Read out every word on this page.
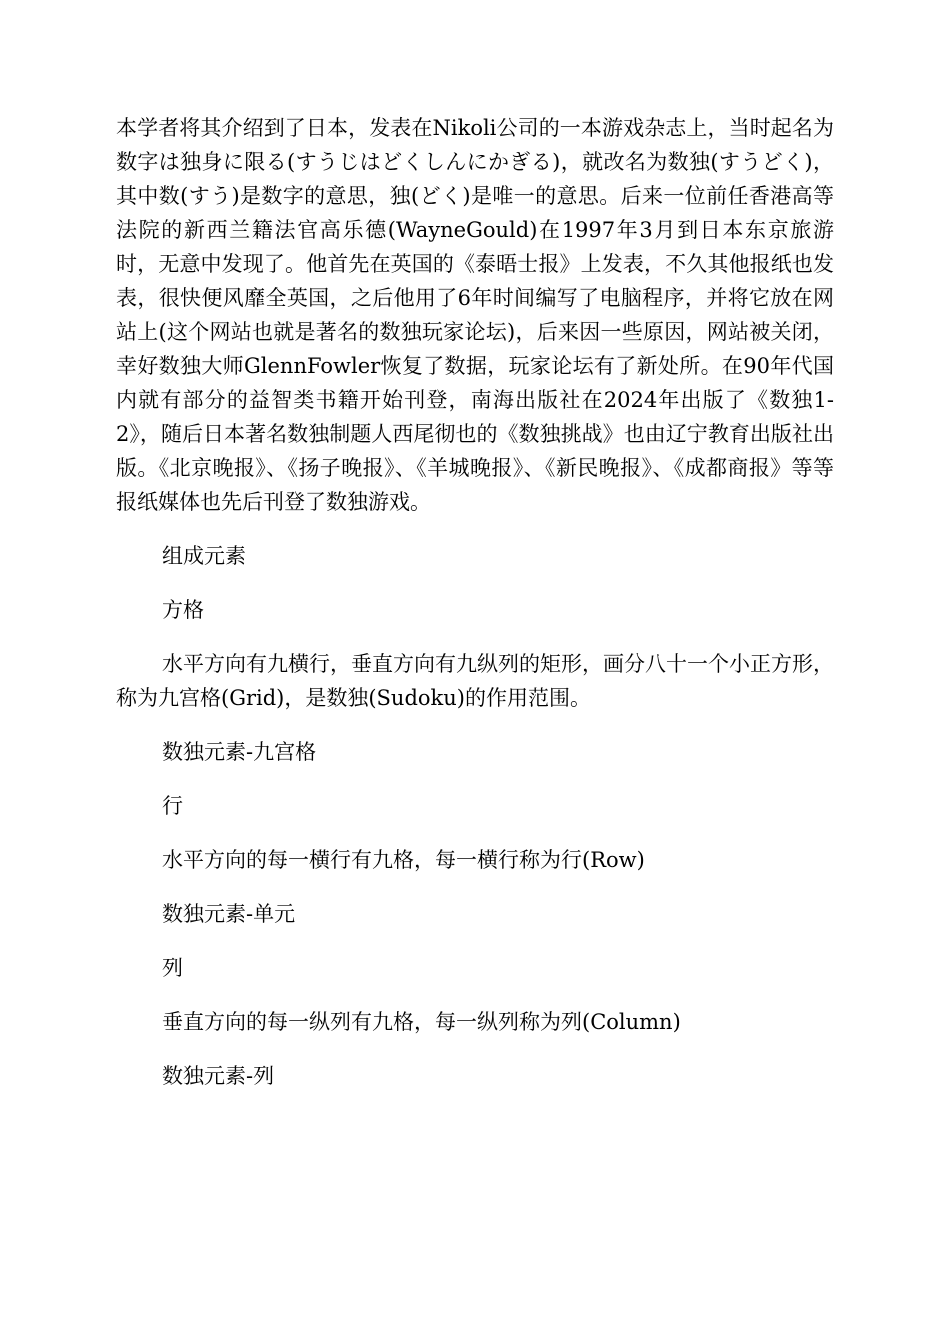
本学者将其介绍到了日本，发表在Nikoli公司的一本游戏杂志上，当时起名为数字は独身に限る(すうじはどくしんにかぎる)，就改名为数独(すうどく)，其中数(すう)是数字的意思，独(どく)是唯一的意思。后来一位前任香港高等法院的新西兰籍法官高乐德(WayneGould)在1997年3月到日本东京旅游时，无意中发现了。他首先在英国的《泰晤士报》上发表，不久其他报纸也发表，很快便风靡全英国，之后他用了6年时间编写了电脑程序，并将它放在网站上(这个网站也就是著名的数独玩家论坛)，后来因一些原因，网站被关闭，幸好数独大师GlennFowler恢复了数据，玩家论坛有了新处所。在90年代国内就有部分的益智类书籍开始刊登，南海出版社在2024年出版了《数独1-2》，随后日本著名数独制题人西尾彻也的《数独挑战》也由辽宁教育出版社出版。《北京晚报》、《扬子晚报》、《羊城晚报》、《新民晚报》、《成都商报》等等报纸媒体也先后刊登了数独游戏。

组成元素

方格

水平方向有九横行，垂直方向有九纵列的矩形，画分八十一个小正方形，称为九宫格(Grid)，是数独(Sudoku)的作用范围。

数独元素-九宫格

行

水平方向的每一横行有九格，每一横行称为行(Row)

数独元素-单元

列

垂直方向的每一纵列有九格，每一纵列称为列(Column)

数独元素-列
